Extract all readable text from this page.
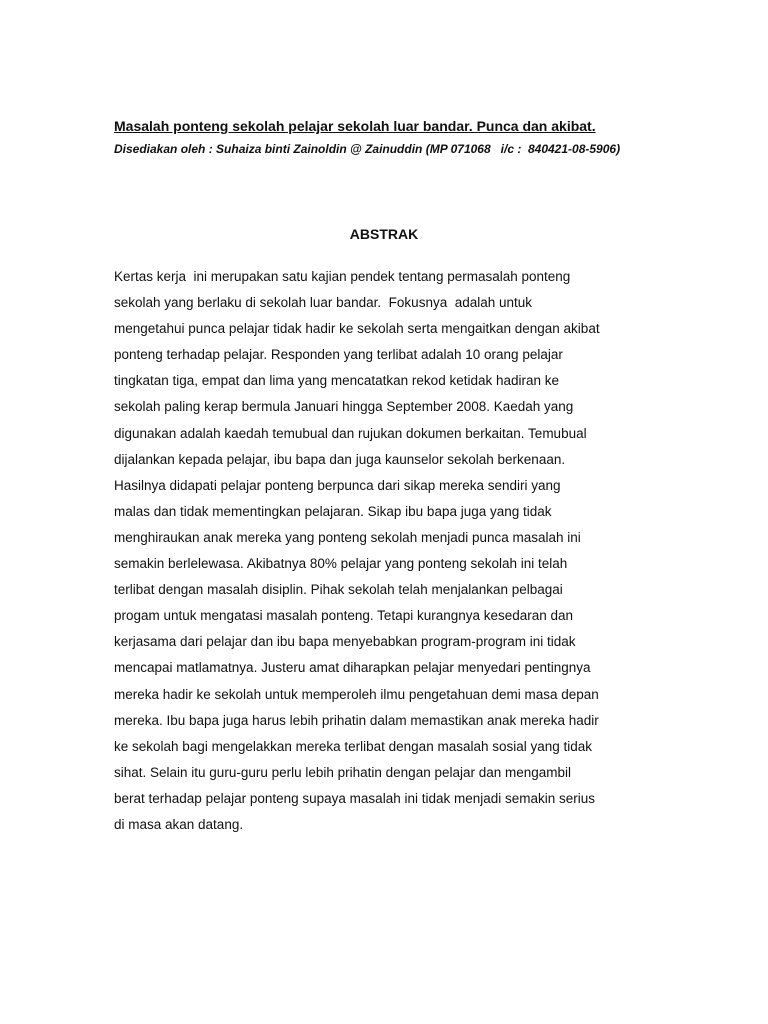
Masalah ponteng sekolah pelajar sekolah luar bandar. Punca dan akibat.
Disediakan oleh : Suhaiza binti Zainoldin @ Zainuddin (MP 071068   i/c :  840421-08-5906)
ABSTRAK
Kertas kerja  ini merupakan satu kajian pendek tentang permasalah ponteng
sekolah yang berlaku di sekolah luar bandar.  Fokusnya  adalah untuk
mengetahui punca pelajar tidak hadir ke sekolah serta mengaitkan dengan akibat
ponteng terhadap pelajar. Responden yang terlibat adalah 10 orang pelajar
tingkatan tiga, empat dan lima yang mencatatkan rekod ketidak hadiran ke
sekolah paling kerap bermula Januari hingga September 2008. Kaedah yang
digunakan adalah kaedah temubual dan rujukan dokumen berkaitan. Temubual
dijalankan kepada pelajar, ibu bapa dan juga kaunselor sekolah berkenaan.
Hasilnya didapati pelajar ponteng berpunca dari sikap mereka sendiri yang
malas dan tidak mementingkan pelajaran. Sikap ibu bapa juga yang tidak
menghiraukan anak mereka yang ponteng sekolah menjadi punca masalah ini
semakin berlelewasa. Akibatnya 80% pelajar yang ponteng sekolah ini telah
terlibat dengan masalah disiplin. Pihak sekolah telah menjalankan pelbagai
progam untuk mengatasi masalah ponteng. Tetapi kurangnya kesedaran dan
kerjasama dari pelajar dan ibu bapa menyebabkan program-program ini tidak
mencapai matlamatnya. Justeru amat diharapkan pelajar menyedari pentingnya
mereka hadir ke sekolah untuk memperoleh ilmu pengetahuan demi masa depan
mereka. Ibu bapa juga harus lebih prihatin dalam memastikan anak mereka hadir
ke sekolah bagi mengelakkan mereka terlibat dengan masalah sosial yang tidak
sihat. Selain itu guru-guru perlu lebih prihatin dengan pelajar dan mengambil
berat terhadap pelajar ponteng supaya masalah ini tidak menjadi semakin serius
di masa akan datang.
